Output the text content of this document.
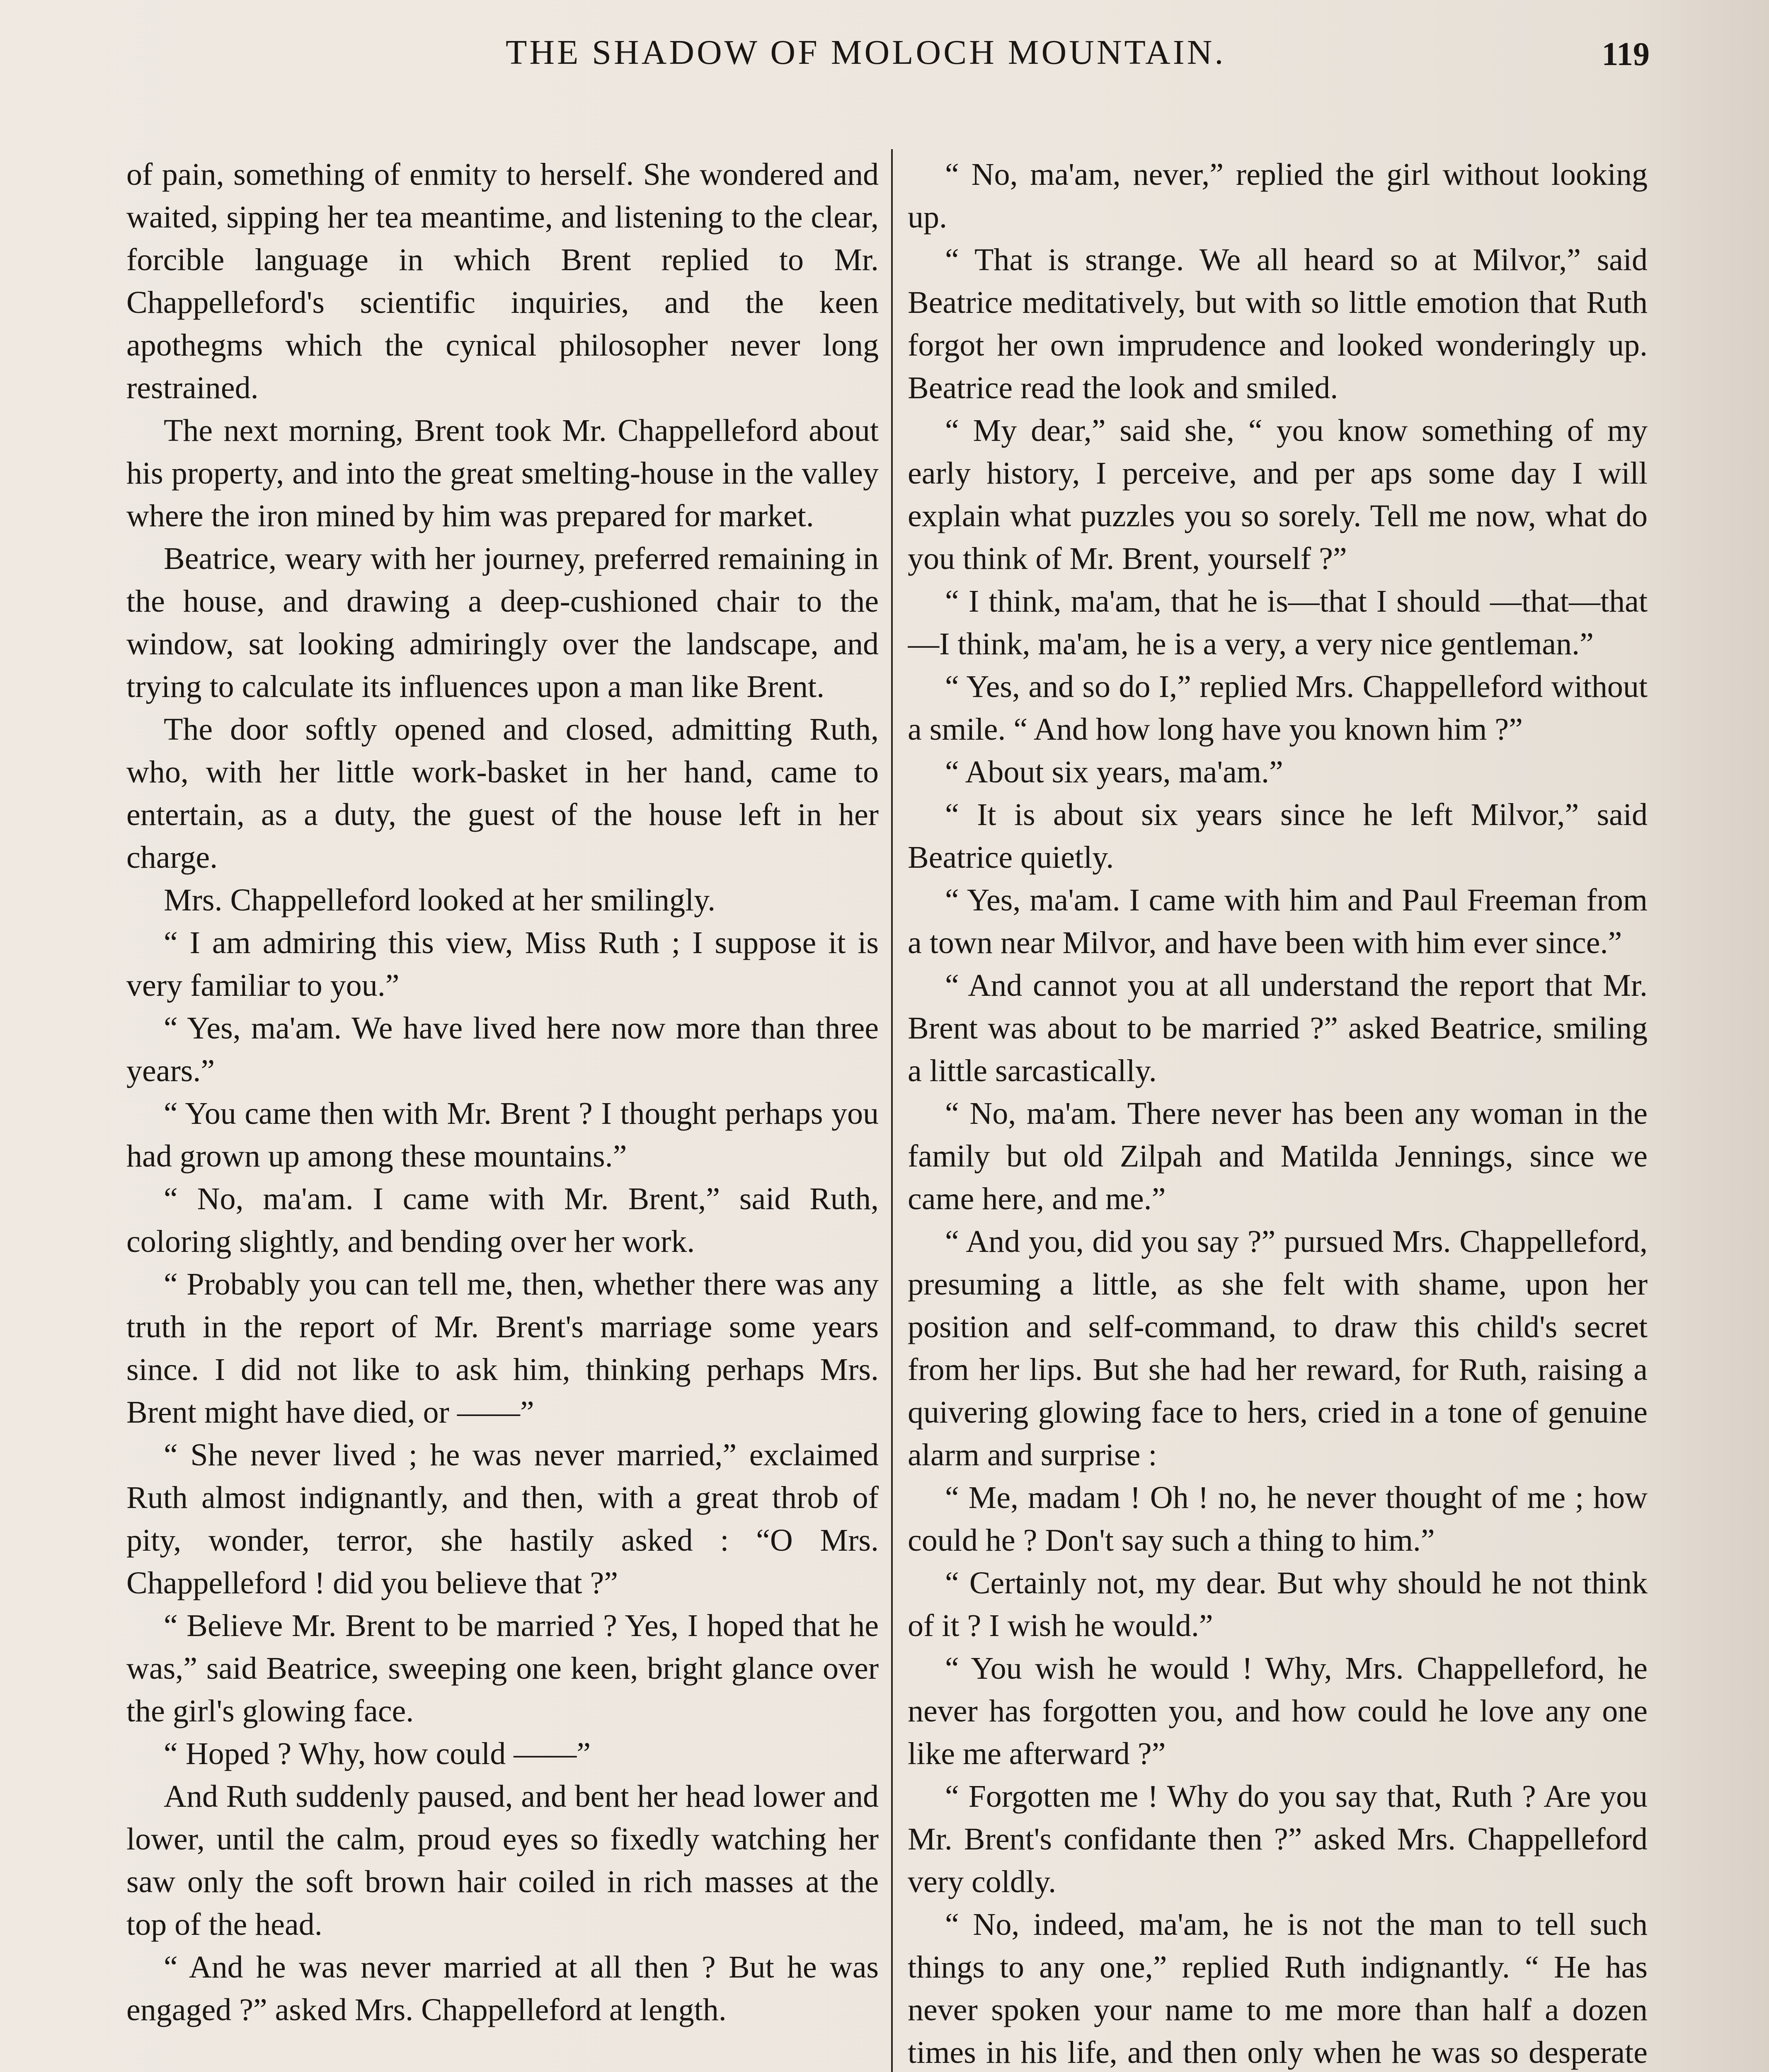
THE SHADOW OF MOLOCH MOUNTAIN.	119

of pain, something of enmity to herself. She wondered and waited, sipping her tea meantime, and listening to the clear, forcible language in which Brent replied to Mr. Chappelleford's scientific inquiries, and the keen apothegms which the cynical philosopher never long restrained.

The next morning, Brent took Mr. Chappelleford about his property, and into the great smelting-house in the valley where the iron mined by him was prepared for market.

Beatrice, weary with her journey, preferred remaining in the house, and drawing a deep-cushioned chair to the window, sat looking admiringly over the landscape, and trying to calculate its influences upon a man like Brent.

The door softly opened and closed, admitting Ruth, who, with her little work-basket in her hand, came to entertain, as a duty, the guest of the house left in her charge.

Mrs. Chappelleford looked at her smilingly.

“ I am admiring this view, Miss Ruth ; I suppose it is very familiar to you.”

“ Yes, ma'am. We have lived here now more than three years.”

“ You came then with Mr. Brent ? I thought perhaps you had grown up among these mountains.”

“ No, ma'am. I came with Mr. Brent,” said Ruth, coloring slightly, and bending over her work.

“ Probably you can tell me, then, whether there was any truth in the report of Mr. Brent's marriage some years since. I did not like to ask him, thinking perhaps Mrs. Brent might have died, or ——”

“ She never lived ; he was never married,” exclaimed Ruth almost indignantly, and then, with a great throb of pity, wonder, terror, she hastily asked : “O Mrs. Chappelleford ! did you believe that ?”

“ Believe Mr. Brent to be married ? Yes, I hoped that he was,” said Beatrice, sweeping one keen, bright glance over the girl's glowing face.

“ Hoped ? Why, how could ——”

And Ruth suddenly paused, and bent her head lower and lower, until the calm, proud eyes so fixedly watching her saw only the soft brown hair coiled in rich masses at the top of the head.

“ And he was never married at all then ? But he was engaged ?” asked Mrs. Chappelleford at length.

“ No, ma'am, never,” replied the girl without looking up.

“ That is strange. We all heard so at Milvor,” said Beatrice meditatively, but with so little emotion that Ruth forgot her own imprudence and looked wonderingly up. Beatrice read the look and smiled.

“ My dear,” said she, “ you know something of my early history, I perceive, and per aps some day I will explain what puzzles you so sorely. Tell me now, what do you think of Mr. Brent, yourself ?”

“ I think, ma'am, that he is—that I should —that—that—I think, ma'am, he is a very, a very nice gentleman.”

“ Yes, and so do I,” replied Mrs. Chappelleford without a smile. “ And how long have you known him ?”

“ About six years, ma'am.”

“ It is about six years since he left Milvor,” said Beatrice quietly.

“ Yes, ma'am. I came with him and Paul Freeman from a town near Milvor, and have been with him ever since.”

“ And cannot you at all understand the report that Mr. Brent was about to be married ?” asked Beatrice, smiling a little sarcastically.

“ No, ma'am. There never has been any woman in the family but old Zilpah and Matilda Jennings, since we came here, and me.”

“ And you, did you say ?” pursued Mrs. Chappelleford, presuming a little, as she felt with shame, upon her position and self-command, to draw this child's secret from her lips. But she had her reward, for Ruth, raising a quivering glowing face to hers, cried in a tone of genuine alarm and surprise :

“ Me, madam ! Oh ! no, he never thought of me ; how could he ? Don't say such a thing to him.”

“ Certainly not, my dear. But why should he not think of it ? I wish he would.”

“ You wish he would ! Why, Mrs. Chappelleford, he never has forgotten you, and how could he love any one like me afterward ?”

“ Forgotten me ! Why do you say that, Ruth ? Are you Mr. Brent's confidante then ?” asked Mrs. Chappelleford very coldly.

“ No, indeed, ma'am, he is not the man to tell such things to any one,” replied Ruth indignantly. “ He has never spoken your name to me more than half a dozen times in his life, and then only when he was so desperate
